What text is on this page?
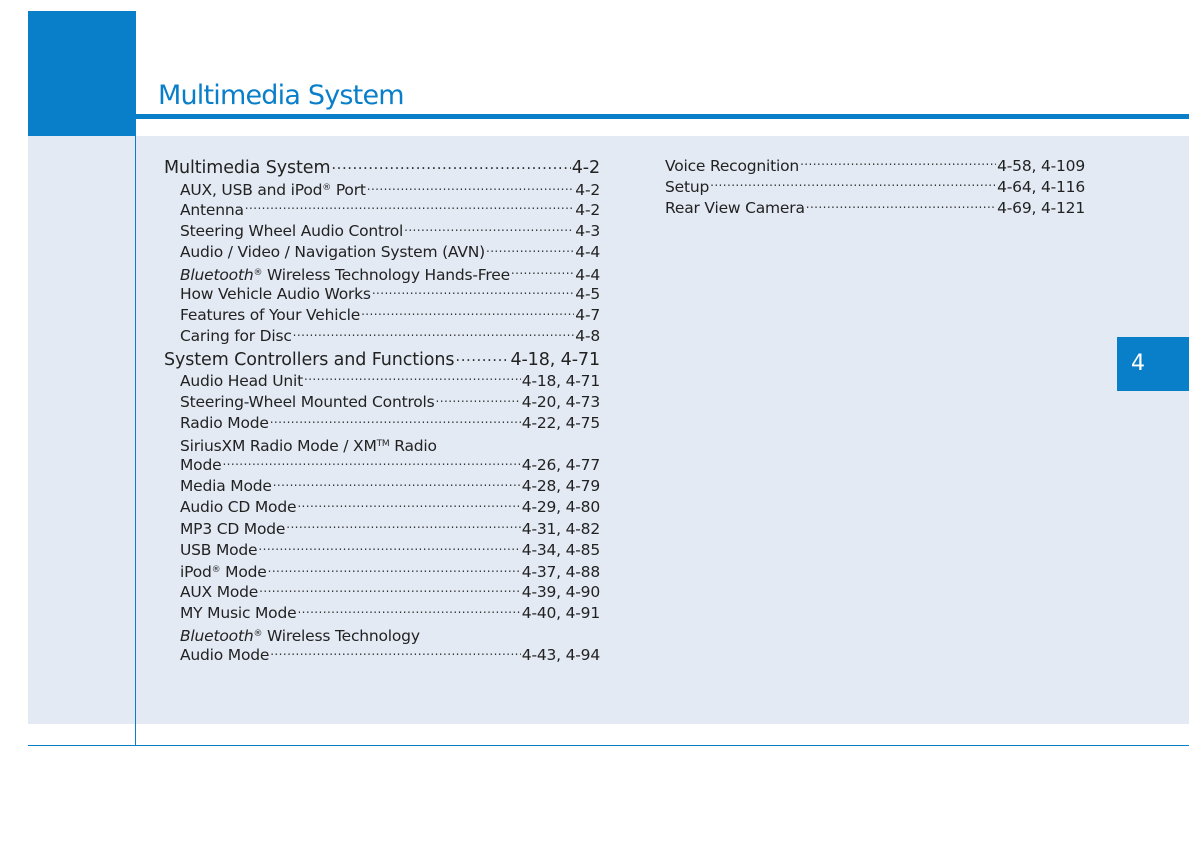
Multimedia System
4
Multimedia System .....	4-2
AUX, USB and iPod® Port .....	4-2
Antenna .....	4-2
Steering Wheel Audio Control .....	4-3
Audio / Video / Navigation System (AVN) .....	4-4
Bluetooth® Wireless Technology Hands-Free .....	4-4
How Vehicle Audio Works .....	4-5
Features of Your Vehicle .....	4-7
Caring for Disc .....	4-8
System Controllers and Functions .....	4-18, 4-71
Audio Head Unit .....	4-18, 4-71
Steering-Wheel Mounted Controls .....	4-20, 4-73
Radio Mode .....	4-22, 4-75
SiriusXM Radio Mode / XM™ Radio
Mode .....	4-26, 4-77
Media Mode .....	4-28, 4-79
Audio CD Mode .....	4-29, 4-80
MP3 CD Mode .....	4-31, 4-82
USB Mode .....	4-34, 4-85
iPod® Mode .....	4-37, 4-88
AUX Mode .....	4-39, 4-90
MY Music Mode .....	4-40, 4-91
Bluetooth® Wireless Technology
Audio Mode .....	4-43, 4-94
Voice Recognition .....	4-58, 4-109
Setup .....	4-64, 4-116
Rear View Camera .....	4-69, 4-121
